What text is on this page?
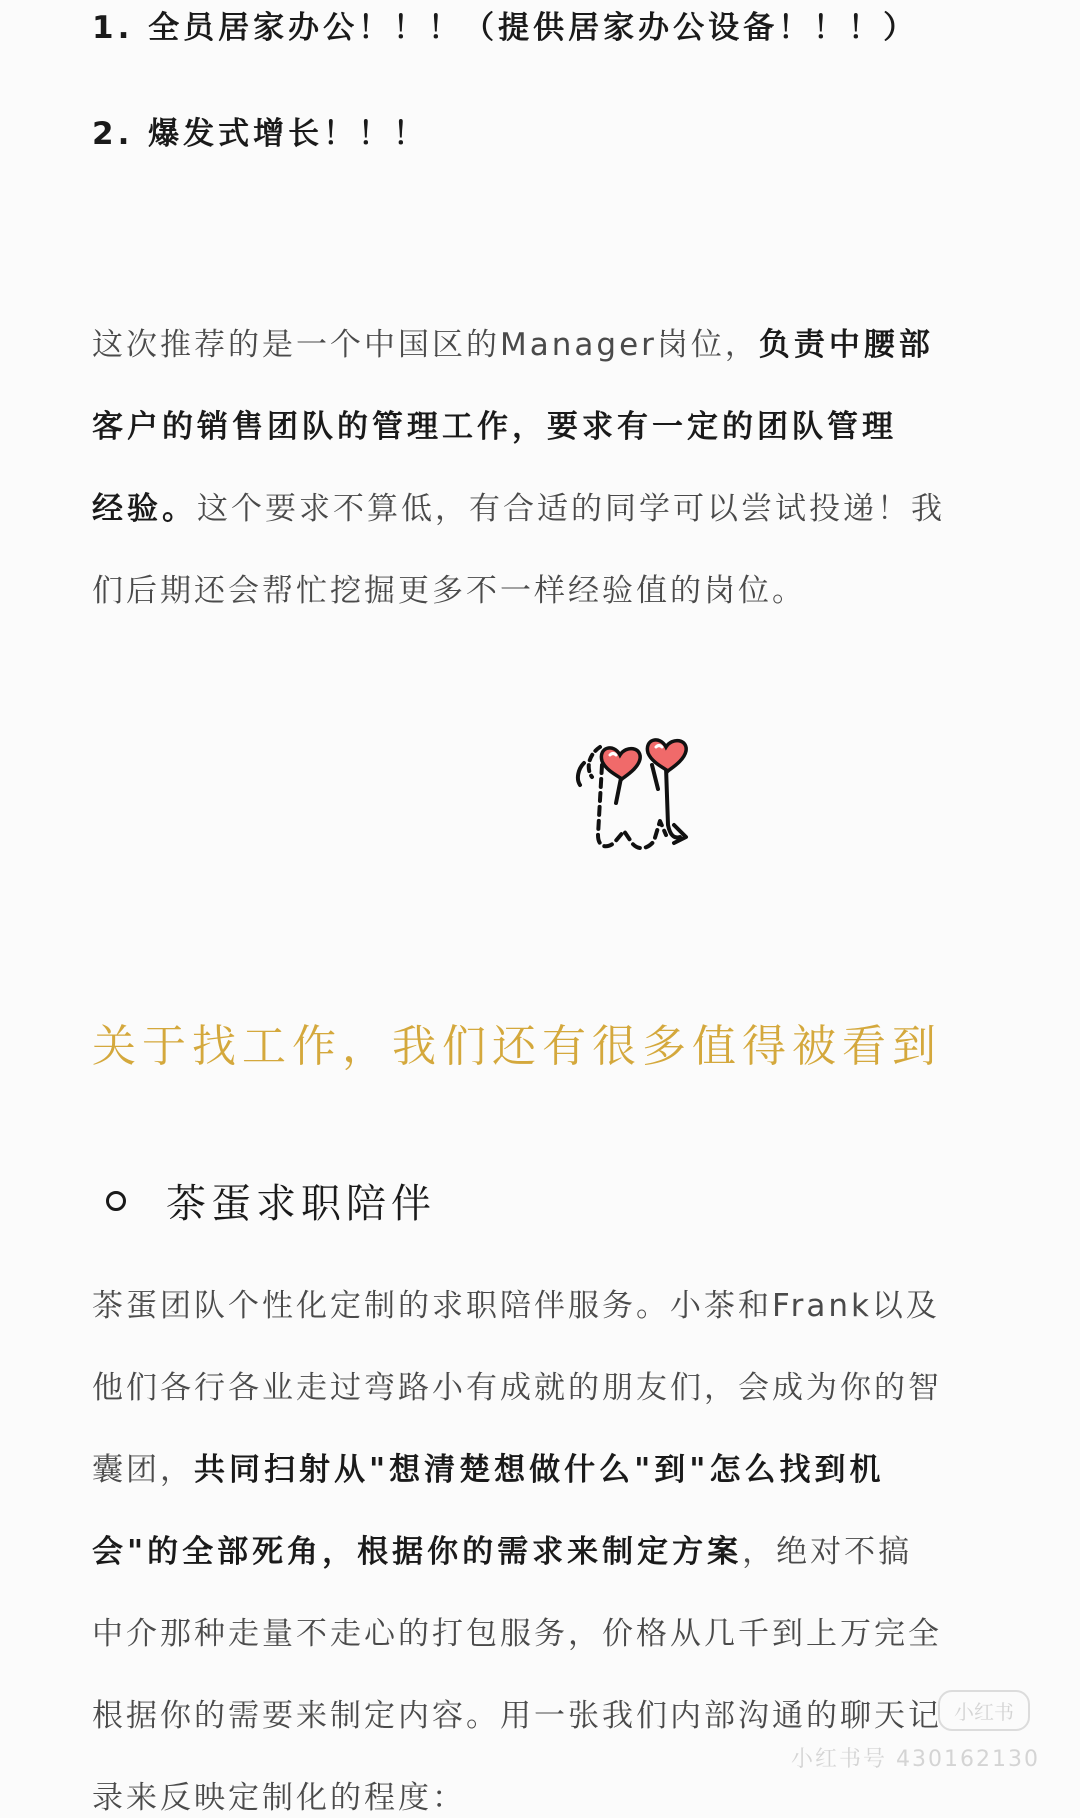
1. 全员居家办公！！！（提供居家办公设备！！！）
2. 爆发式增长！！！
这次推荐的是一个中国区的Manager岗位，负责中腰部
客户的销售团队的管理工作，要求有一定的团队管理
经验。这个要求不算低，有合适的同学可以尝试投递！我
们后期还会帮忙挖掘更多不一样经验值的岗位。
关于找工作，我们还有很多值得被看到
茶蛋求职陪伴
茶蛋团队个性化定制的求职陪伴服务。小茶和Frank以及
他们各行各业走过弯路小有成就的朋友们，会成为你的智
囊团，共同扫射从"想清楚想做什么"到"怎么找到机
会"的全部死角，根据你的需求来制定方案，绝对不搞
中介那种走量不走心的打包服务，价格从几千到上万完全
根据你的需要来制定内容。用一张我们内部沟通的聊天记
录来反映定制化的程度：
小红书
小红书号 430162130
